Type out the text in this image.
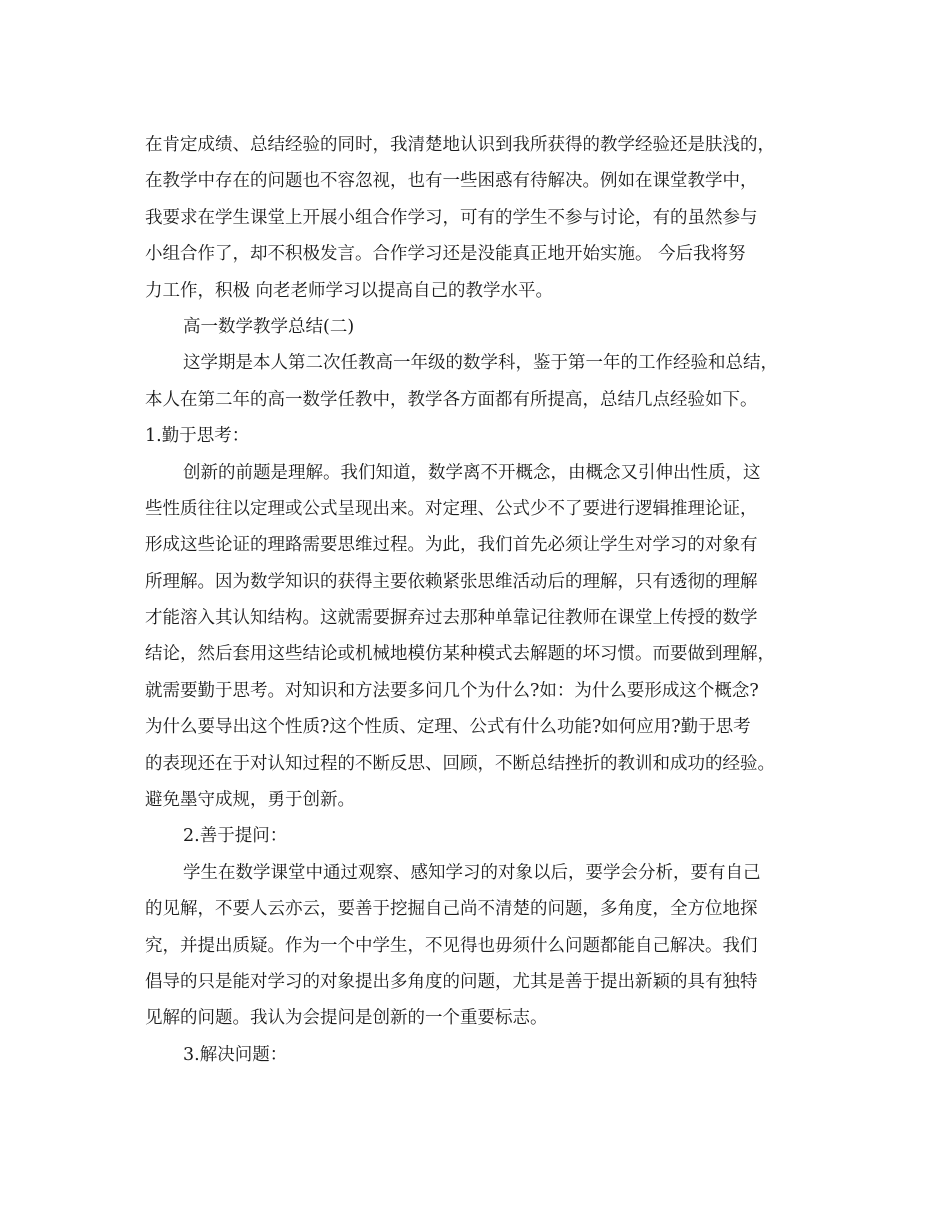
在肯定成绩、总结经验的同时，我清楚地认识到我所获得的教学经验还是肤浅的，
在教学中存在的问题也不容忽视，也有一些困惑有待解决。例如在课堂教学中，
我要求在学生课堂上开展小组合作学习，可有的学生不参与讨论，有的虽然参与
小组合作了，却不积极发言。合作学习还是没能真正地开始实施。 今后我将努
力工作，积极 向老老师学习以提高自己的教学水平。
高一数学教学总结(二)
这学期是本人第二次任教高一年级的数学科，鉴于第一年的工作经验和总结，
本人在第二年的高一数学任教中，教学各方面都有所提高，总结几点经验如下。
1.勤于思考：
创新的前题是理解。我们知道，数学离不开概念，由概念又引伸出性质，这
些性质往往以定理或公式呈现出来。对定理、公式少不了要进行逻辑推理论证，
形成这些论证的理路需要思维过程。为此，我们首先必须让学生对学习的对象有
所理解。因为数学知识的获得主要依赖紧张思维活动后的理解，只有透彻的理解
才能溶入其认知结构。这就需要摒弃过去那种单靠记往教师在课堂上传授的数学
结论，然后套用这些结论或机械地模仿某种模式去解题的坏习惯。而要做到理解，
就需要勤于思考。对知识和方法要多问几个为什么?如：为什么要形成这个概念?
为什么要导出这个性质?这个性质、定理、公式有什么功能?如何应用?勤于思考
的表现还在于对认知过程的不断反思、回顾，不断总结挫折的教训和成功的经验。
避免墨守成规，勇于创新。
2.善于提问：
学生在数学课堂中通过观察、感知学习的对象以后，要学会分析，要有自己
的见解，不要人云亦云，要善于挖掘自己尚不清楚的问题，多角度，全方位地探
究，并提出质疑。作为一个中学生，不见得也毋须什么问题都能自己解决。我们
倡导的只是能对学习的对象提出多角度的问题，尤其是善于提出新颖的具有独特
见解的问题。我认为会提问是创新的一个重要标志。
3.解决问题：
